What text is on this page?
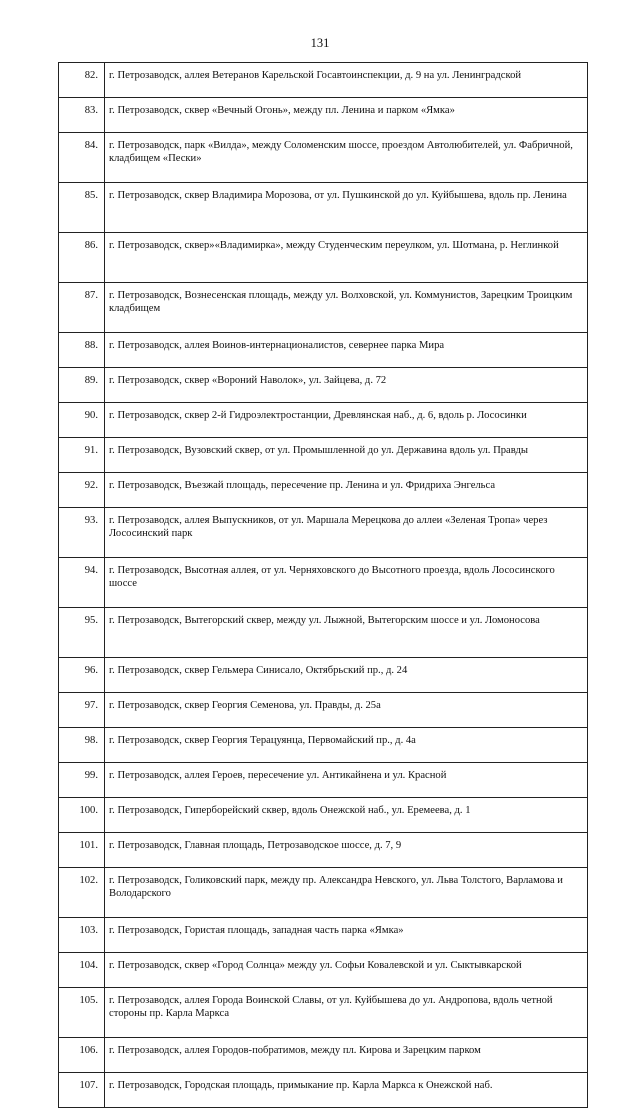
131
82.	г. Петрозаводск, аллея Ветеранов Карельской Госавтоинспекции, д. 9 на ул. Ленинградской
83.	г. Петрозаводск, сквер «Вечный Огонь», между пл. Ленина и парком «Ямка»
84.	г. Петрозаводск, парк «Вилда», между Соломенским шоссе, проездом Автолюбителей, ул. Фабричной, кладбищем «Пески»
85.	г. Петрозаводск, сквер Владимира Морозова, от ул. Пушкинской до ул. Куйбышева, вдоль пр. Ленина
86.	г. Петрозаводск, сквер»«Владимирка», между Студенческим переулком, ул. Шотмана, р. Неглинкой
87.	г. Петрозаводск, Вознесенская площадь, между ул. Волховской, ул. Коммунистов, Зарецким Троицким кладбищем
88.	г. Петрозаводск, аллея Воинов-интернационалистов, севернее парка Мира
89.	г. Петрозаводск, сквер «Вороний Наволок», ул. Зайцева, д. 72
90.	г. Петрозаводск, сквер 2-й Гидроэлектростанции, Древлянская наб., д. 6, вдоль р. Лососинки
91.	г. Петрозаводск, Вузовский сквер, от ул. Промышленной до ул. Державина вдоль ул. Правды
92.	г. Петрозаводск, Въезжай площадь, пересечение пр. Ленина и ул. Фридриха Энгельса
93.	г. Петрозаводск, аллея Выпускников, от ул. Маршала Мерецкова до аллеи «Зеленая Тропа» через Лососинский парк
94.	г. Петрозаводск, Высотная аллея, от ул. Черняховского до Высотного проезда, вдоль Лососинского шоссе
95.	г. Петрозаводск, Вытегорский сквер, между ул. Лыжной, Вытегорским шоссе и ул. Ломоносова
96.	г. Петрозаводск, сквер Гельмера Синисало, Октябрьский пр., д. 24
97.	г. Петрозаводск, сквер Георгия Семенова, ул. Правды, д. 25а
98.	г. Петрозаводск, сквер Георгия Терацуянца, Первомайский пр., д. 4а
99.	г. Петрозаводск, аллея Героев, пересечение ул. Антикайнена и ул. Красной
100.	г. Петрозаводск, Гиперборейский сквер, вдоль Онежской наб., ул. Еремеева, д. 1
101.	г. Петрозаводск, Главная площадь, Петрозаводское шоссе, д. 7, 9
102.	г. Петрозаводск, Голиковский парк, между пр. Александра Невского, ул. Льва Толстого, Варламова и Володарского
103.	г. Петрозаводск, Гористая площадь, западная часть парка «Ямка»
104.	г. Петрозаводск, сквер «Город Солнца» между ул. Софьи Ковалевской и ул. Сыктывкарской
105.	г. Петрозаводск, аллея Города Воинской Славы, от ул. Куйбышева до ул. Андропова, вдоль четной стороны пр. Карла Маркса
106.	г. Петрозаводск, аллея Городов-побратимов, между пл. Кирова и Зарецким парком
107.	г. Петрозаводск, Городская площадь, примыкание пр. Карла Маркса к Онежской наб.
